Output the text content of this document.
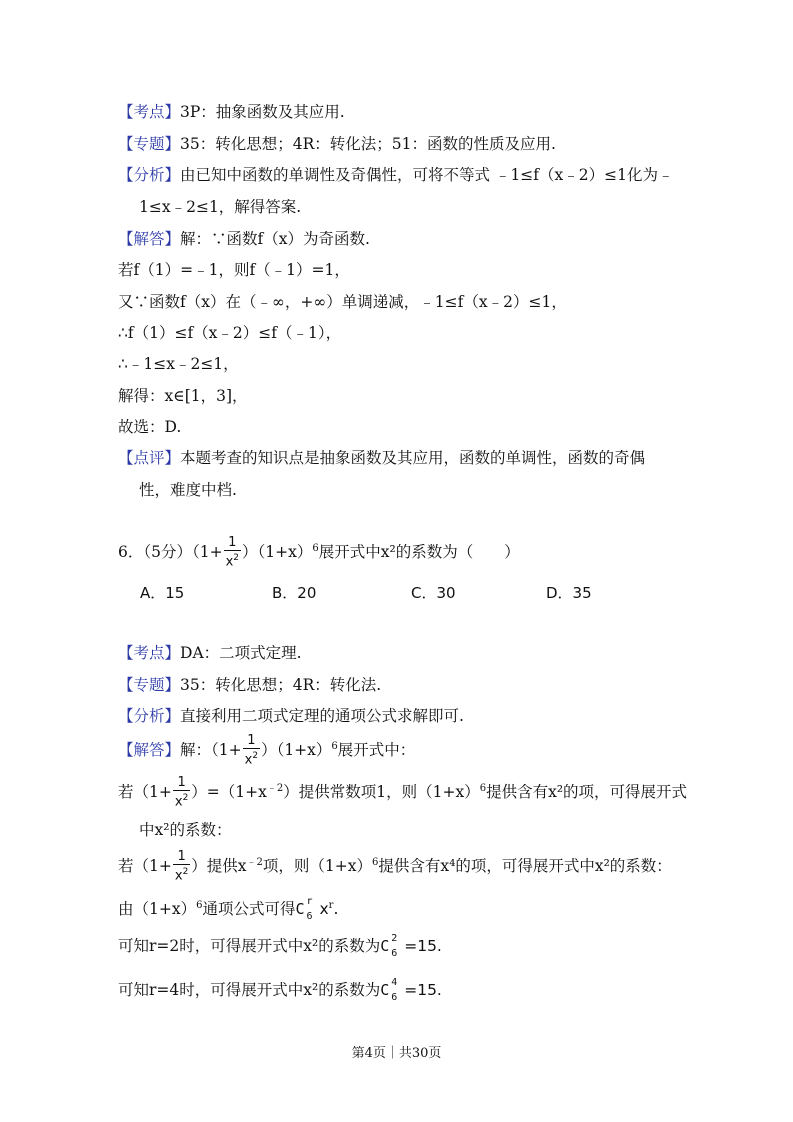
【考点】3P：抽象函数及其应用.
【专题】35：转化思想；4R：转化法；51：函数的性质及应用.
【分析】由已知中函数的单调性及奇偶性，可将不等式 ﹣1≤f（x﹣2）≤1化为﹣
1≤x﹣2≤1，解得答案.
【解答】解：∵函数f（x）为奇函数.
若f（1）=﹣1，则f（﹣1）=1，
又∵函数f（x）在（﹣∞，+∞）单调递减，﹣1≤f（x﹣2）≤1，
∴f（1）≤f（x﹣2）≤f（﹣1），
∴﹣1≤x﹣2≤1，
解得：x∈[1，3]，
故选：D.
【点评】本题考查的知识点是抽象函数及其应用，函数的单调性，函数的奇偶
性，难度中档.
6．（5分）$(1+ \frac{1}{x^2} )(1+x)^6$展开式中x²的系数为（　　）
A．15	B．20	C．30	D．35
【考点】DA：二项式定理.
【专题】35：转化思想；4R：转化法.
【分析】直接利用二项式定理的通项公式求解即可.
【解答】解：$(1+ \frac{1}{x^2} )(1+x)^6$展开式中：
若$(1+ \frac{1}{x^2} )=(1+x^{﹣2})$提供常数项1，则$(1+x)^6$提供含有x²的项，可得展开式
中x²的系数：
若（$1+ \frac{1}{x^2}$ ）提供$x^{﹣2}$项，则$(1+x)^6$提供含有x⁴的项，可得展开式中x²的系数：
由$(1+x)^6$通项公式可得C r
6 $x^r$.
可知r=2时，可得展开式中x²的系数为C 2
6 =15.
可知r=4时，可得展开式中x²的系数为C 4
6 =15.
第4页｜共30页
